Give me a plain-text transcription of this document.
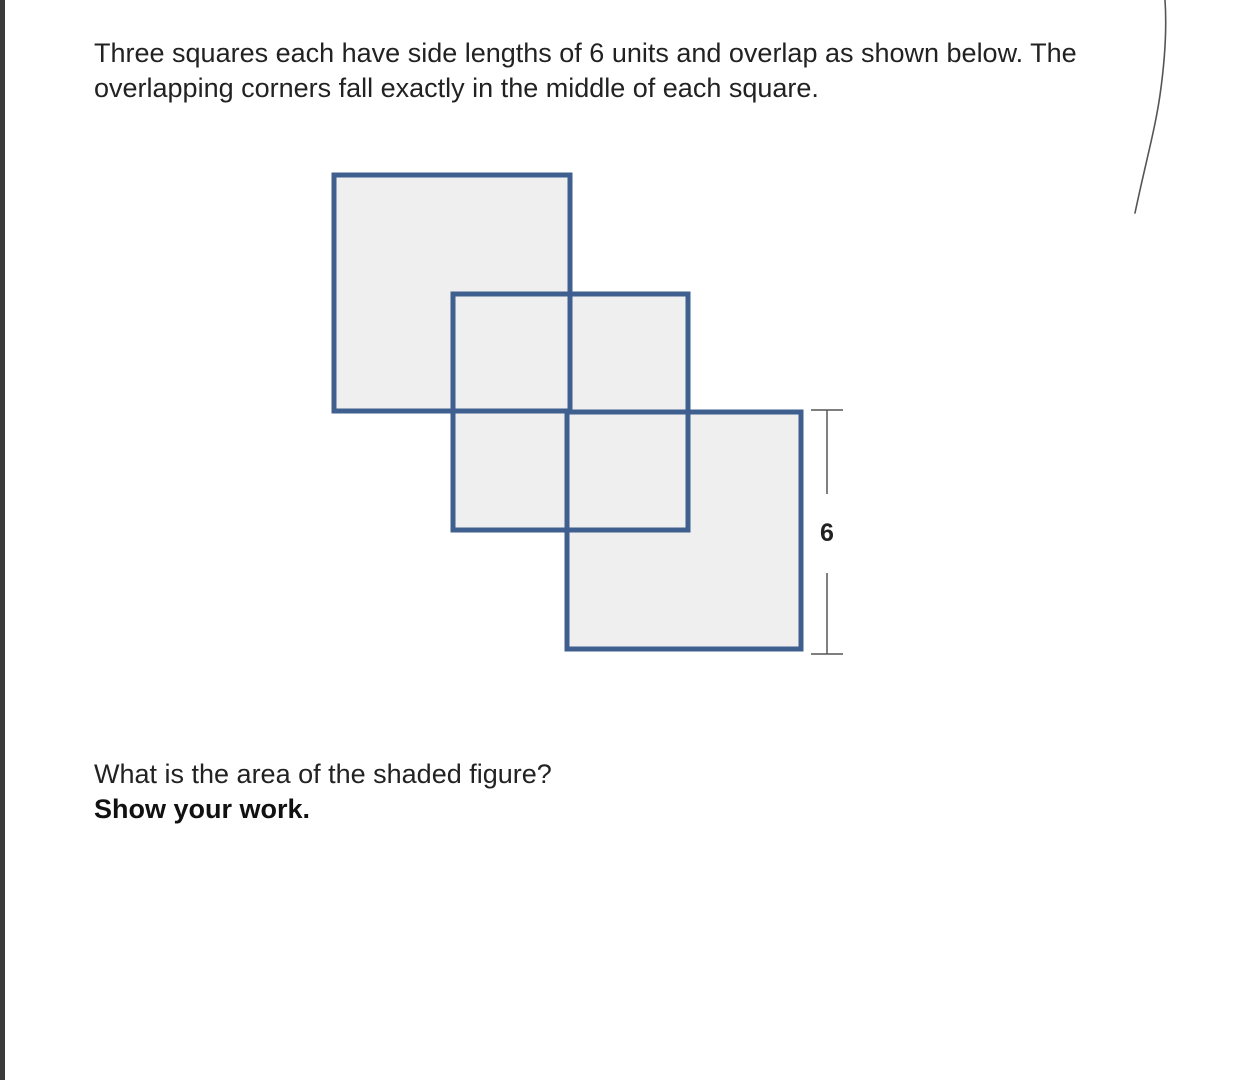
Three squares each have side lengths of 6 units and overlap as shown below. The overlapping corners fall exactly in the middle of each square.

6

What is the area of the shaded figure?

Show your work.
